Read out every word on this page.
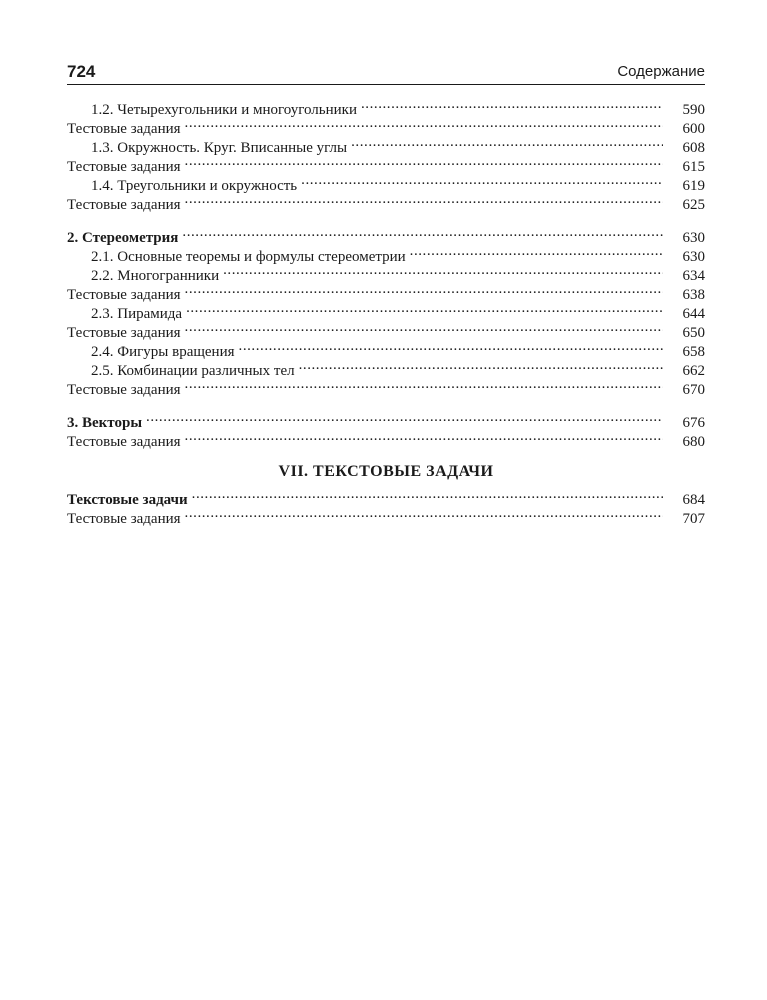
724	Содержание
1.2. Четырехугольники и многоугольники . . .	590
Тестовые задания . . .	600
1.3. Окружность. Круг. Вписанные углы . . .	608
Тестовые задания . . .	615
1.4. Треугольники и окружность . . .	619
Тестовые задания . . .	625
2. Стереометрия . . .	630
2.1. Основные теоремы и формулы стереометрии . . .	630
2.2. Многогранники . . .	634
Тестовые задания . . .	638
2.3. Пирамида . . .	644
Тестовые задания . . .	650
2.4. Фигуры вращения . . .	658
2.5. Комбинации различных тел . . .	662
Тестовые задания . . .	670
3. Векторы . . .	676
Тестовые задания . . .	680
VII. ТЕКСТОВЫЕ ЗАДАЧИ
Текстовые задачи . . .	684
Тестовые задания . . .	707
